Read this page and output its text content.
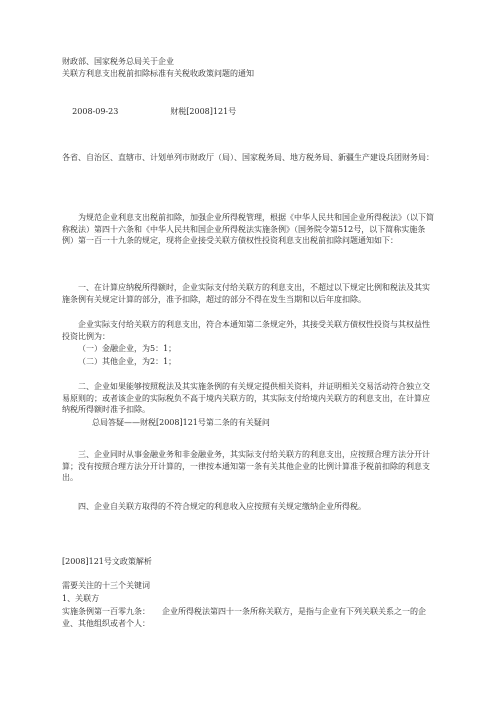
财政部、国家税务总局关于企业
关联方利息支出税前扣除标准有关税收政策问题的通知

2008-09-23	财税[2008]121号

各省、自治区、直辖市、计划单列市财政厅（局）、国家税务局、地方税务局、新疆生产建设兵团财务局：
为规范企业利息支出税前扣除，加强企业所得税管理，根据《中华人民共和国企业所得税法》（以下简称税法）第四十六条和《中华人民共和国企业所得税法实施条例》（国务院令第512号，以下简称实施条例）第一百一十九条的规定，现将企业接受关联方债权性投资利息支出税前扣除问题通知如下：
一、在计算应纳税所得额时，企业实际支付给关联方的利息支出，不超过以下规定比例和税法及其实施条例有关规定计算的部分，准予扣除，超过的部分不得在发生当期和以后年度扣除。
企业实际支付给关联方的利息支出，符合本通知第二条规定外，其接受关联方债权性投资与其权益性投资比例为：
（一）金融企业，为5：1；
（二）其他企业，为2：1；
二、企业如果能够按照税法及其实施条例的有关规定提供相关资料，并证明相关交易活动符合独立交易原则的；或者该企业的实际税负不高于境内关联方的，其实际支付给境内关联方的利息支出，在计算应纳税所得额时准予扣除。
总局答疑——财税[2008]121号第二条的有关疑问
三、企业同时从事金融业务和非金融业务，其实际支付给关联方的利息支出，应按照合理方法分开计算；没有按照合理方法分开计算的，一律按本通知第一条有关其他企业的比例计算准予税前扣除的利息支出。
四、企业自关联方取得的不符合规定的利息收入应按照有关规定缴纳企业所得税。
[2008]121号文政策解析
需要关注的十三个关键词
1、关联方
实施条例第一百零九条：　　企业所得税法第四十一条所称关联方，是指与企业有下列关联关系之一的企业、其他组织或者个人：
